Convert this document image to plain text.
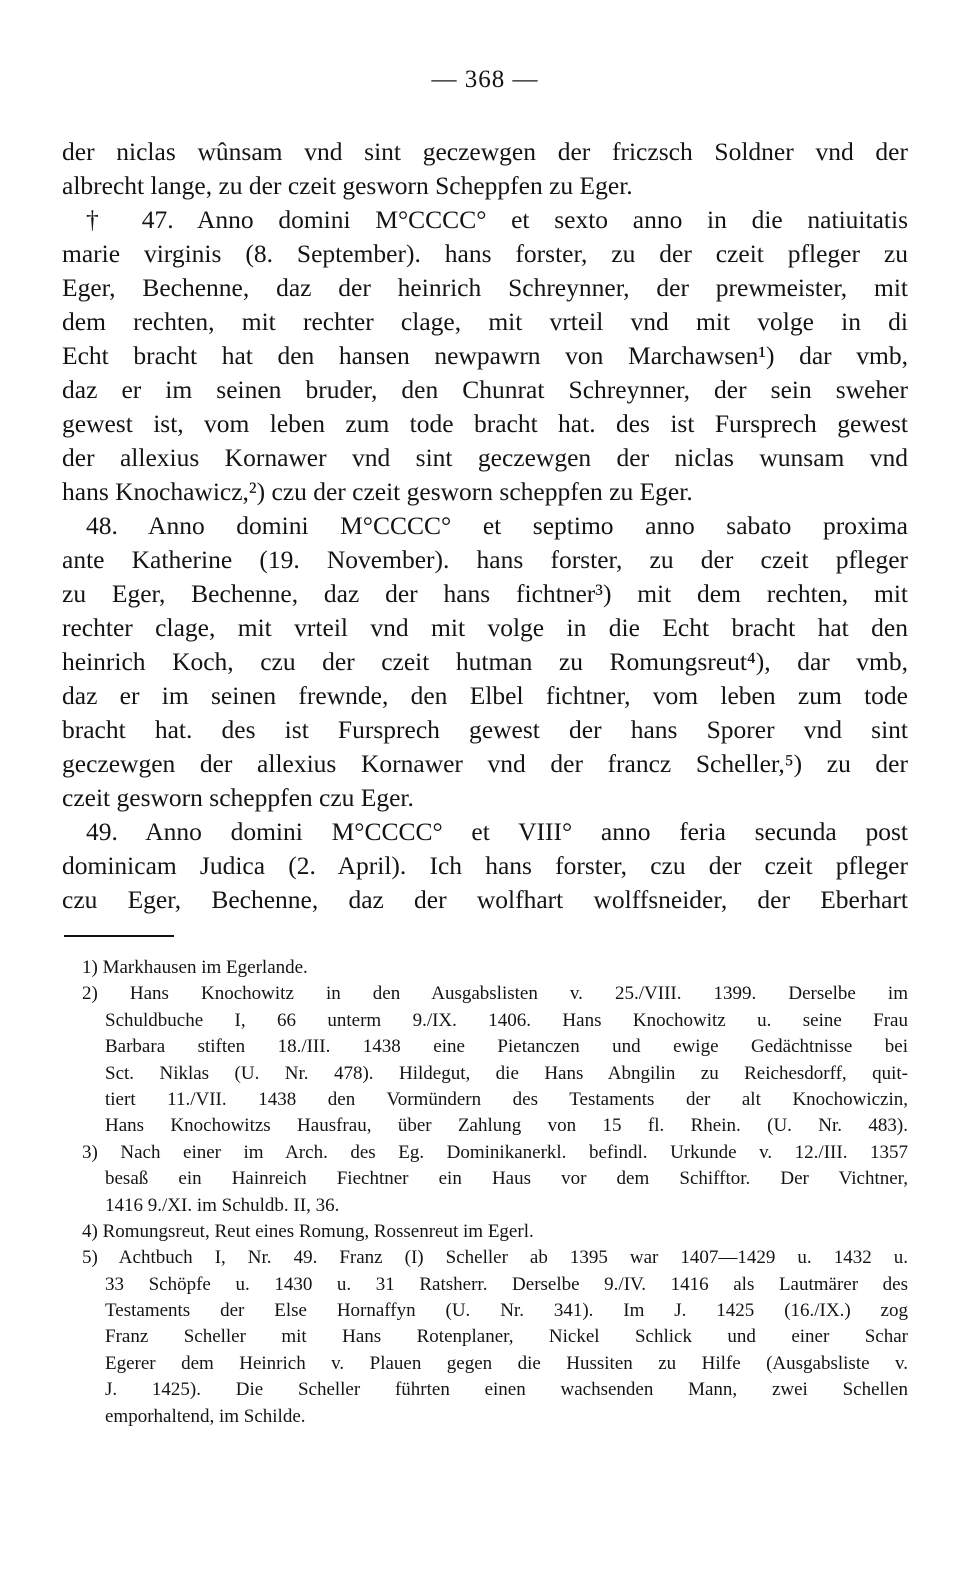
— 368 —
der niclas wûnsam vnd sint geczewgen der friczsch Soldner vnd der
albrecht lange, zu der czeit gesworn Scheppfen zu Eger.
† 47. Anno domini M°CCCC° et sexto anno in die natiuitatis
marie virginis (8. September). hans forster, zu der czeit pfleger zu
Eger, Bechenne, daz der heinrich Schreynner, der prewmeister, mit
dem rechten, mit rechter clage, mit vrteil vnd mit volge in di
Echt bracht hat den hansen newpawrn von Marchawsen¹) dar vmb,
daz er im seinen bruder, den Chunrat Schreynner, der sein sweher
gewest ist, vom leben zum tode bracht hat. des ist Fursprech gewest
der allexius Kornawer vnd sint geczewgen der niclas wunsam vnd
hans Knochawicz,²) czu der czeit gesworn scheppfen zu Eger.
48. Anno domini M°CCCC° et septimo anno sabato proxima
ante Katherine (19. November). hans forster, zu der czeit pfleger
zu Eger, Bechenne, daz der hans fichtner³) mit dem rechten, mit
rechter clage, mit vrteil vnd mit volge in die Echt bracht hat den
heinrich Koch, czu der czeit hutman zu Romungsreut⁴), dar vmb,
daz er im seinen frewnde, den Elbel fichtner, vom leben zum tode
bracht hat. des ist Fursprech gewest der hans Sporer vnd sint
geczewgen der allexius Kornawer vnd der francz Scheller,⁵) zu der
czeit gesworn scheppfen czu Eger.
49. Anno domini M°CCCC° et VIII° anno feria secunda post
dominicam Judica (2. April). Ich hans forster, czu der czeit pfleger
czu Eger, Bechenne, daz der wolfhart wolffsneider, der Eberhart
1) Markhausen im Egerlande.
2) Hans Knochowitz in den Ausgabslisten v. 25./VIII. 1399. Derselbe im
Schuldbuche I, 66 unterm 9./IX. 1406. Hans Knochowitz u. seine Frau
Barbara stiften 18./III. 1438 eine Pietanczen und ewige Gedächtnisse bei
Sct. Niklas (U. Nr. 478). Hildegut, die Hans Abngilin zu Reichesdorff, quit-
tiert 11./VII. 1438 den Vormündern des Testaments der alt Knochowiczin,
Hans Knochowitzs Hausfrau, über Zahlung von 15 fl. Rhein. (U. Nr. 483).
3) Nach einer im Arch. des Eg. Dominikanerkl. befindl. Urkunde v. 12./III. 1357
besaß ein Hainreich Fiechtner ein Haus vor dem Schifftor. Der Vichtner,
1416 9./XI. im Schuldb. II, 36.
4) Romungsreut, Reut eines Romung, Rossenreut im Egerl.
5) Achtbuch I, Nr. 49. Franz (I) Scheller ab 1395 war 1407—1429 u. 1432 u.
33 Schöpfe u. 1430 u. 31 Ratsherr. Derselbe 9./IV. 1416 als Lautmärer des
Testaments der Else Hornaffyn (U. Nr. 341). Im J. 1425 (16./IX.) zog
Franz Scheller mit Hans Rotenplaner, Nickel Schlick und einer Schar
Egerer dem Heinrich v. Plauen gegen die Hussiten zu Hilfe (Ausgabsliste v.
J. 1425). Die Scheller führten einen wachsenden Mann, zwei Schellen
emporhaltend, im Schilde.
